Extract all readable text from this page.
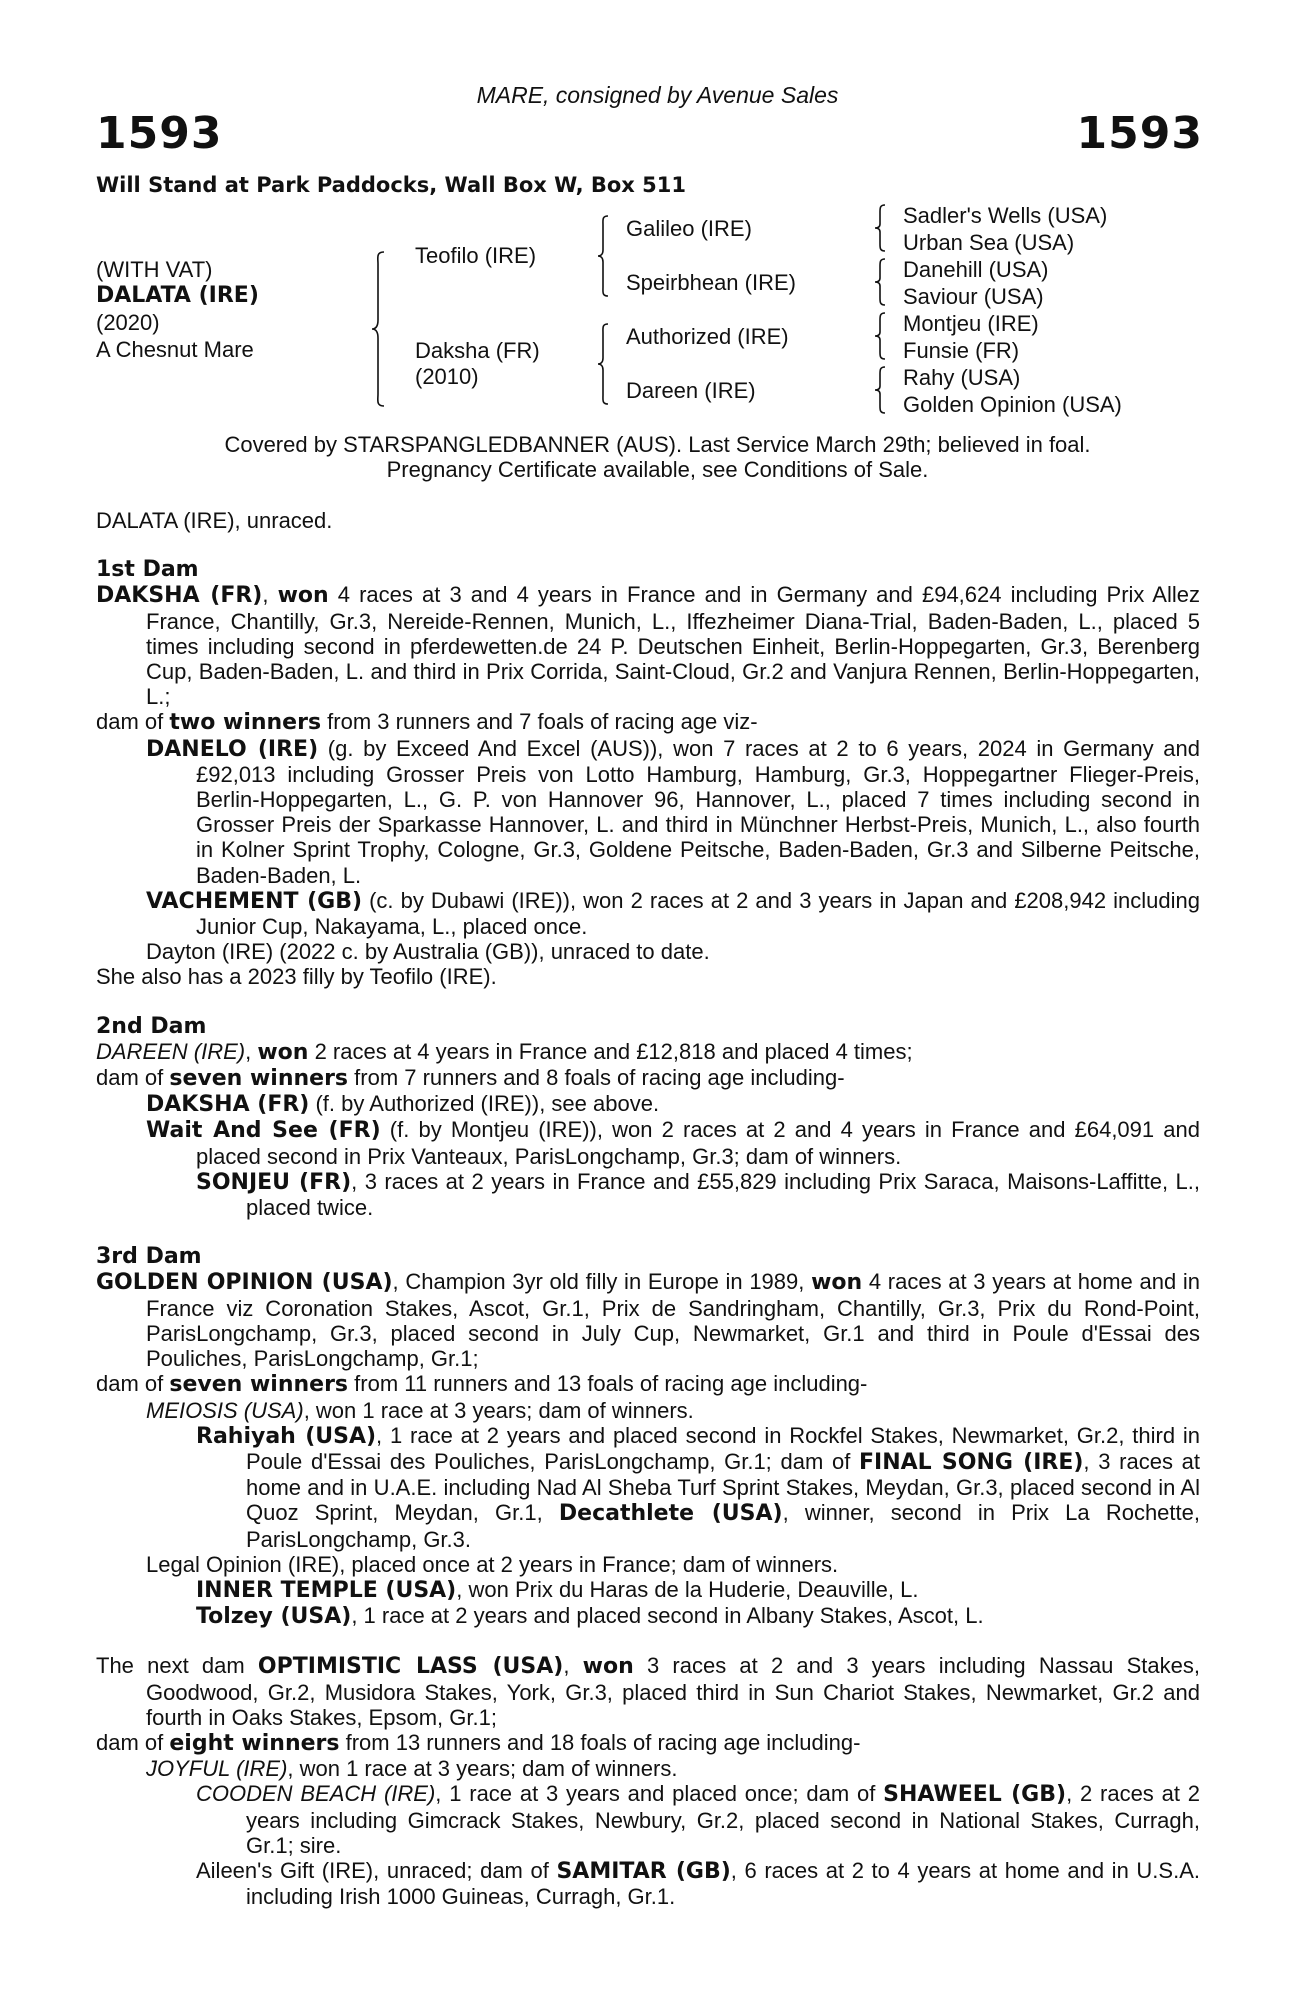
MARE, consigned by Avenue Sales
1593	1593
Will Stand at Park Paddocks, Wall Box W, Box 511
(WITH VAT)
DALATA (IRE)
(2020)
A Chesnut Mare
Teofilo (IRE)
Daksha (FR)
(2010)
Galileo (IRE)
Speirbhean (IRE)
Authorized (IRE)
Dareen (IRE)
Sadler's Wells (USA)
Urban Sea (USA)
Danehill (USA)
Saviour (USA)
Montjeu (IRE)
Funsie (FR)
Rahy (USA)
Golden Opinion (USA)
Covered by STARSPANGLEDBANNER (AUS). Last Service March 29th; believed in foal.
Pregnancy Certificate available, see Conditions of Sale.

DALATA (IRE), unraced.

1st Dam

DAKSHA (FR), won 4 races at 3 and 4 years in France and in Germany and £94,624 including Prix Allez France, Chantilly, Gr.3, Nereide-Rennen, Munich, L., Iffezheimer Diana-Trial, Baden-Baden, L., placed 5 times including second in pferdewetten.de 24 P. Deutschen Einheit, Berlin-Hoppegarten, Gr.3, Berenberg Cup, Baden-Baden, L. and third in Prix Corrida, Saint-Cloud, Gr.2 and Vanjura Rennen, Berlin-Hoppegarten, L.;

dam of two winners from 3 runners and 7 foals of racing age viz-

DANELO (IRE) (g. by Exceed And Excel (AUS)), won 7 races at 2 to 6 years, 2024 in Germany and £92,013 including Grosser Preis von Lotto Hamburg, Hamburg, Gr.3, Hoppegartner Flieger-Preis, Berlin-Hoppegarten, L., G. P. von Hannover 96, Hannover, L., placed 7 times including second in Grosser Preis der Sparkasse Hannover, L. and third in Münchner Herbst-Preis, Munich, L., also fourth in Kolner Sprint Trophy, Cologne, Gr.3, Goldene Peitsche, Baden-Baden, Gr.3 and Silberne Peitsche, Baden-Baden, L.

VACHEMENT (GB) (c. by Dubawi (IRE)), won 2 races at 2 and 3 years in Japan and £208,942 including Junior Cup, Nakayama, L., placed once.

Dayton (IRE) (2022 c. by Australia (GB)), unraced to date.

She also has a 2023 filly by Teofilo (IRE).

2nd Dam

DAREEN (IRE), won 2 races at 4 years in France and £12,818 and placed 4 times;

dam of seven winners from 7 runners and 8 foals of racing age including-

DAKSHA (FR) (f. by Authorized (IRE)), see above.

Wait And See (FR) (f. by Montjeu (IRE)), won 2 races at 2 and 4 years in France and £64,091 and placed second in Prix Vanteaux, ParisLongchamp, Gr.3; dam of winners.

SONJEU (FR), 3 races at 2 years in France and £55,829 including Prix Saraca, Maisons-Laffitte, L., placed twice.

3rd Dam

GOLDEN OPINION (USA), Champion 3yr old filly in Europe in 1989, won 4 races at 3 years at home and in France viz Coronation Stakes, Ascot, Gr.1, Prix de Sandringham, Chantilly, Gr.3, Prix du Rond-Point, ParisLongchamp, Gr.3, placed second in July Cup, Newmarket, Gr.1 and third in Poule d'Essai des Pouliches, ParisLongchamp, Gr.1;

dam of seven winners from 11 runners and 13 foals of racing age including-

MEIOSIS (USA), won 1 race at 3 years; dam of winners.

Rahiyah (USA), 1 race at 2 years and placed second in Rockfel Stakes, Newmarket, Gr.2, third in Poule d'Essai des Pouliches, ParisLongchamp, Gr.1; dam of FINAL SONG (IRE), 3 races at home and in U.A.E. including Nad Al Sheba Turf Sprint Stakes, Meydan, Gr.3, placed second in Al Quoz Sprint, Meydan, Gr.1, Decathlete (USA), winner, second in Prix La Rochette, ParisLongchamp, Gr.3.

Legal Opinion (IRE), placed once at 2 years in France; dam of winners.

INNER TEMPLE (USA), won Prix du Haras de la Huderie, Deauville, L.

Tolzey (USA), 1 race at 2 years and placed second in Albany Stakes, Ascot, L.

The next dam OPTIMISTIC LASS (USA), won 3 races at 2 and 3 years including Nassau Stakes, Goodwood, Gr.2, Musidora Stakes, York, Gr.3, placed third in Sun Chariot Stakes, Newmarket, Gr.2 and fourth in Oaks Stakes, Epsom, Gr.1;

dam of eight winners from 13 runners and 18 foals of racing age including-

JOYFUL (IRE), won 1 race at 3 years; dam of winners.

COODEN BEACH (IRE), 1 race at 3 years and placed once; dam of SHAWEEL (GB), 2 races at 2 years including Gimcrack Stakes, Newbury, Gr.2, placed second in National Stakes, Curragh, Gr.1; sire.

Aileen's Gift (IRE), unraced; dam of SAMITAR (GB), 6 races at 2 to 4 years at home and in U.S.A. including Irish 1000 Guineas, Curragh, Gr.1.
